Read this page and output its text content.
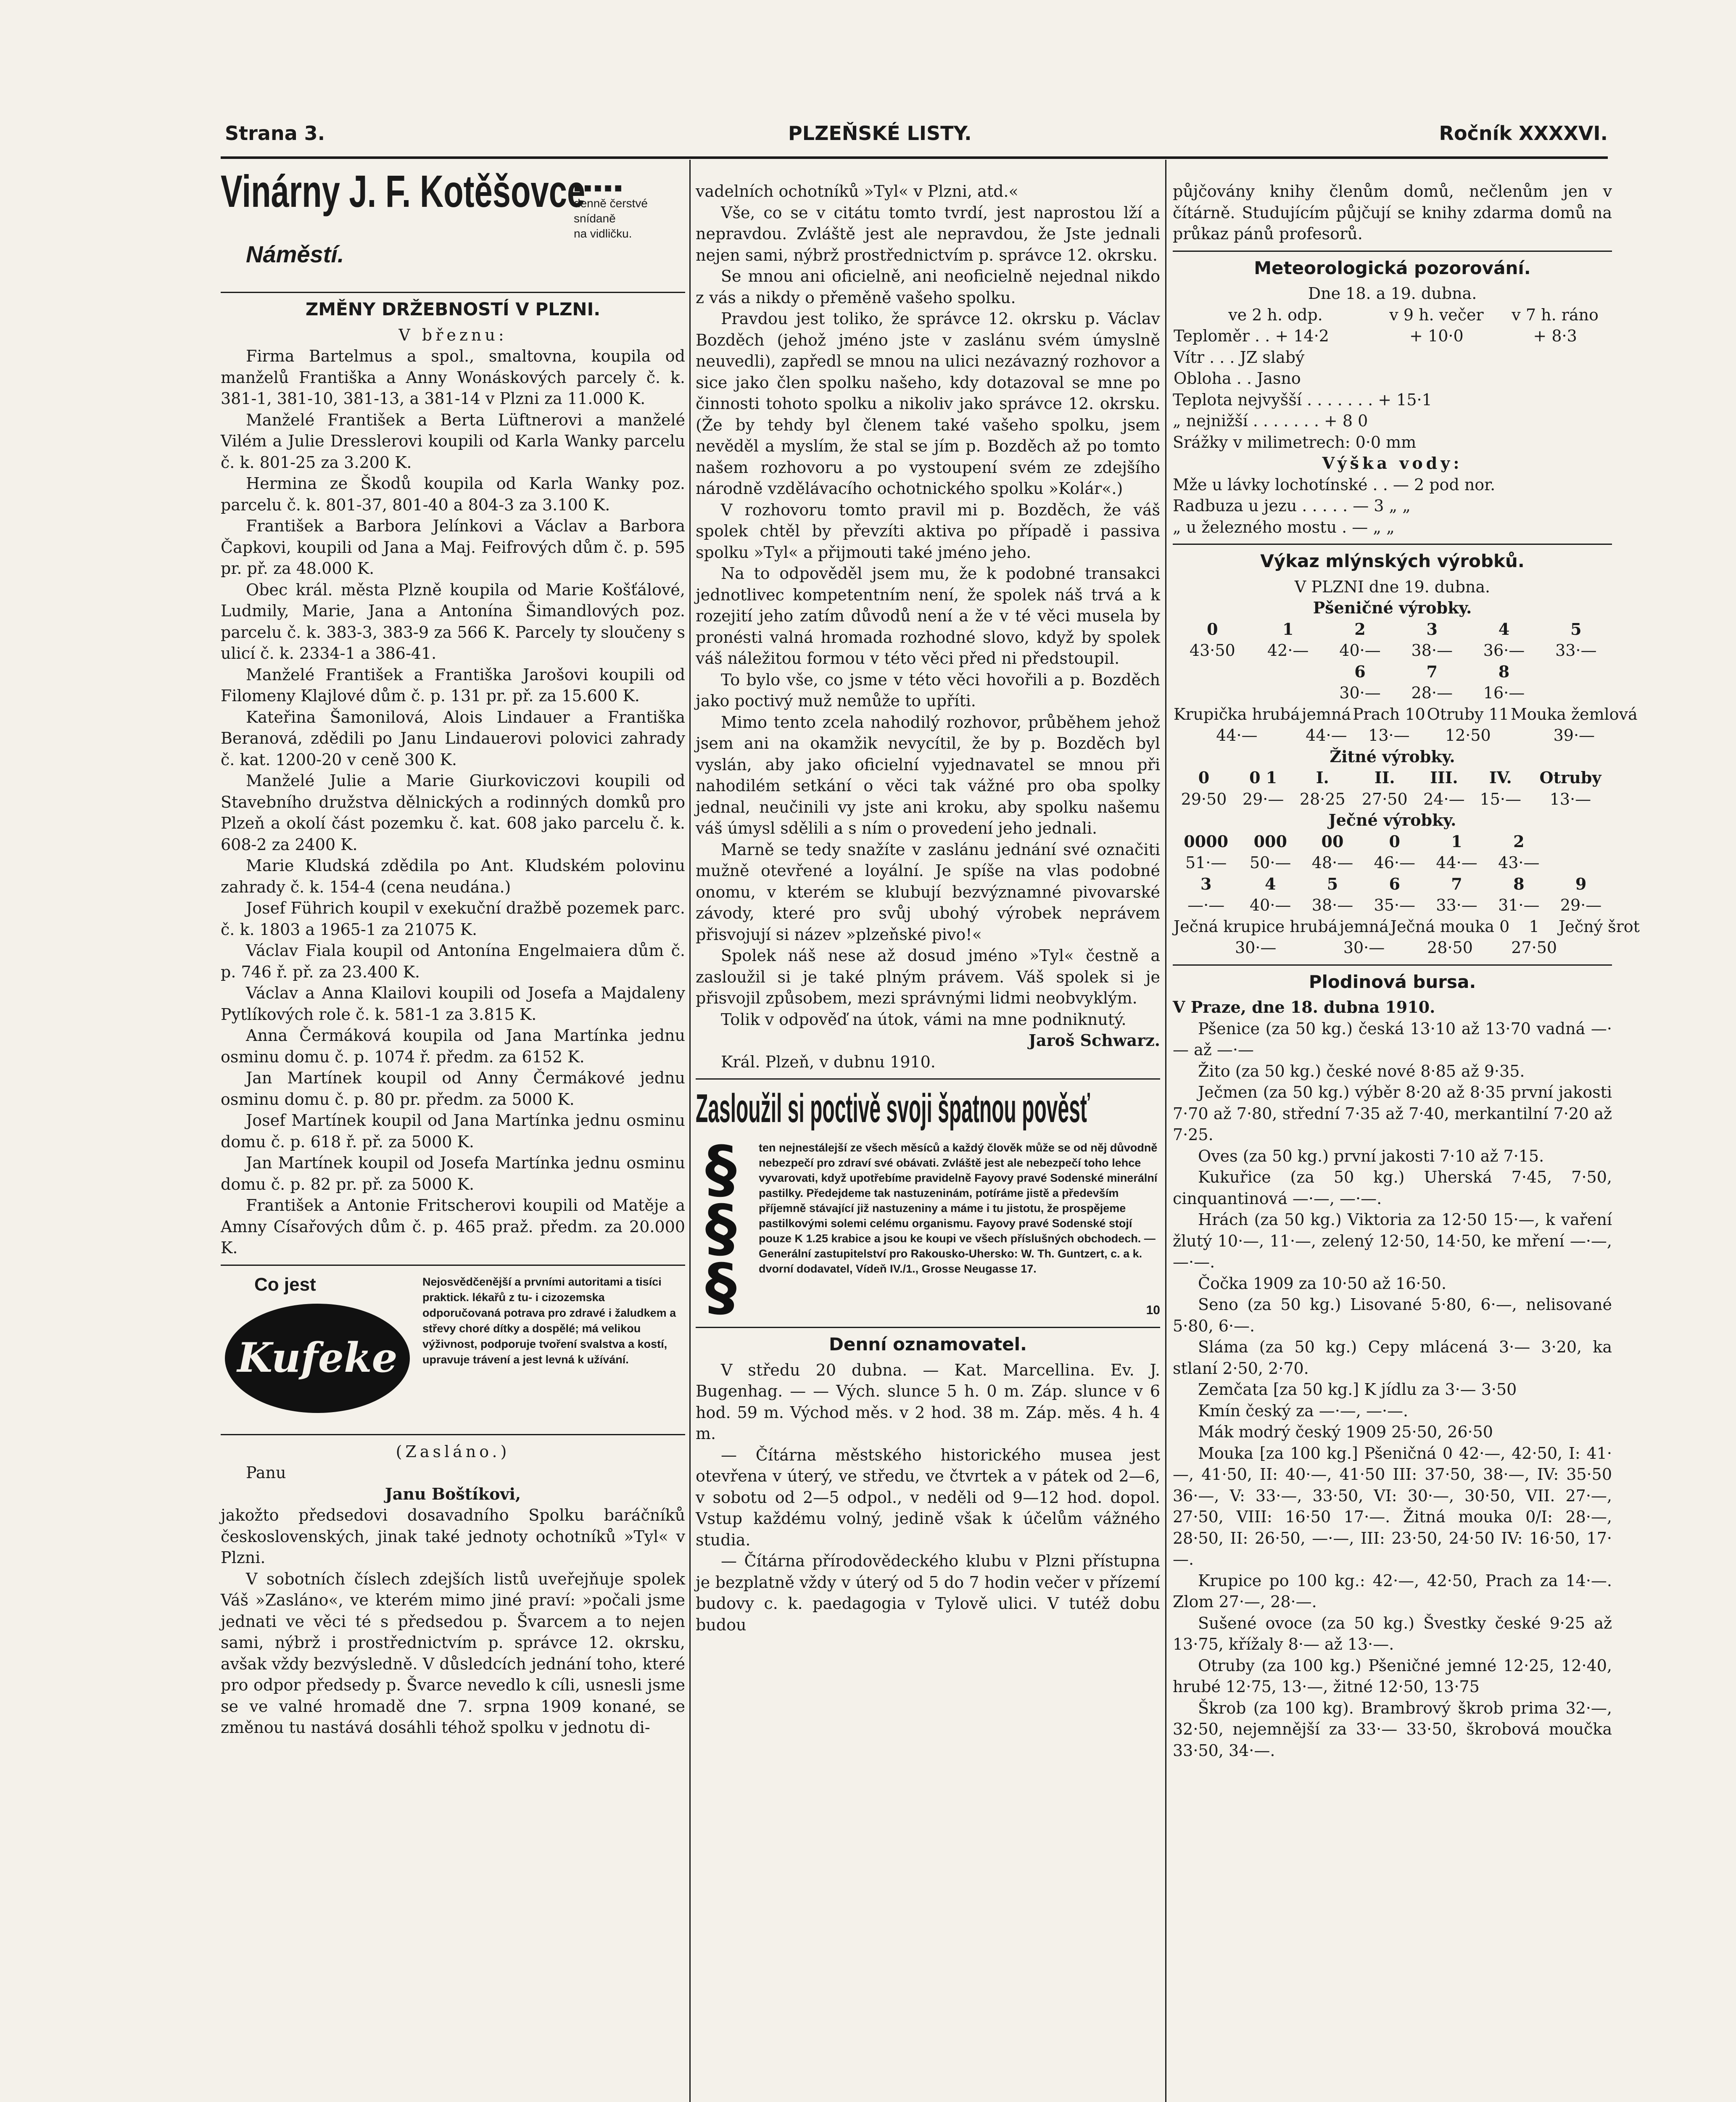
Strana 3.	PLZEŇSKÉ LISTY.	Ročník XXXXVI.
Vinárny J. F. Kotěšovce
Náměstí.
■■■■■
denně čerstvé
snídaně
na vidličku.
ZMĚNY DRŽEBNOSTÍ V PLZNI.
V březnu:

Firma Bartelmus a spol., smaltovna, koupila od manželů Františka a Anny Wonáskových parcely č. k. 381-1, 381-10, 381-13, a 381-14 v Plzni za 11.000 K.

Manželé František a Berta Lüftnerovi a manželé Vilém a Julie Dresslerovi koupili od Karla Wanky parcelu č. k. 801-25 za 3.200 K.

Hermina ze Škodů koupila od Karla Wanky poz. parcelu č. k. 801-37, 801-40 a 804-3 za 3.100 K.

František a Barbora Jelínkovi a Václav a Barbora Čapkovi, koupili od Jana a Maj. Feifrových dům č. p. 595 pr. př. za 48.000 K.

Obec král. města Plzně koupila od Marie Košťálové, Ludmily, Marie, Jana a Antonína Šimandlových poz. parcelu č. k. 383-3, 383-9 za 566 K. Parcely ty sloučeny s ulicí č. k. 2334-1 a 386-41.

Manželé František a Františka Jarošovi koupili od Filomeny Klajlové dům č. p. 131 pr. př. za 15.600 K.

Kateřina Šamonilová, Alois Lindauer a Františka Beranová, zdědili po Janu Lindauerovi polovici zahrady č. kat. 1200-20 v ceně 300 K.

Manželé Julie a Marie Giurkoviczovi koupili od Stavebního družstva dělnických a rodinných domků pro Plzeň a okolí část pozemku č. kat. 608 jako parcelu č. k. 608-2 za 2400 K.

Marie Kludská zdědila po Ant. Kludském polovinu zahrady č. k. 154-4 (cena neudána.)

Josef Führich koupil v exekuční dražbě pozemek parc. č. k. 1803 a 1965-1 za 21075 K.

Václav Fiala koupil od Antonína Engelmaiera dům č. p. 746 ř. př. za 23.400 K.

Václav a Anna Klailovi koupili od Josefa a Majdaleny Pytlíkových role č. k. 581-1 za 3.815 K.

Anna Čermáková koupila od Jana Martínka jednu osminu domu č. p. 1074 ř. předm. za 6152 K.

Jan Martínek koupil od Anny Čermákové jednu osminu domu č. p. 80 pr. předm. za 5000 K.

Josef Martínek koupil od Jana Martínka jednu osminu domu č. p. 618 ř. př. za 5000 K.

Jan Martínek koupil od Josefa Martínka jednu osminu domu č. p. 82 pr. př. za 5000 K.

František a Antonie Fritscherovi koupili od Matěje a Amny Císařových dům č. p. 465 praž. předm. za 20.000 K.

Co jest
Kufeke
Nejosvědčenější a prvními autoritami a tisíci praktick. lékařů z tu- i cizozemska odporučovaná potrava pro zdravé i žaludkem a střevy choré dítky a dospělé; má velikou výživnost, podporuje tvoření svalstva a kostí, upravuje trávení a jest levná k užívání.
(Zasláno.)

Panu

Janu Boštíkovi,

jakožto předsedovi dosavadního Spolku baráčníků československých, jinak také jednoty ochotníků »Tyl« v Plzni.

V sobotních číslech zdejších listů uveřejňuje spolek Váš »Zasláno«, ve kterém mimo jiné praví: »počali jsme jednati ve věci té s předsedou p. Švarcem a to nejen sami, nýbrž i prostřednictvím p. správce 12. okrsku, avšak vždy bezvýsledně. V důsledcích jednání toho, které pro odpor předsedy p. Švarce nevedlo k cíli, usnesli jsme se ve valné hromadě dne 7. srpna 1909 konané, se změnou tu nastává dosáhli téhož spolku v jednotu di-

vadelních ochotníků »Tyl« v Plzni, atd.«

Vše, co se v citátu tomto tvrdí, jest naprostou lží a nepravdou. Zvláště jest ale nepravdou, že Jste jednali nejen sami, nýbrž prostřednictvím p. správce 12. okrsku.

Se mnou ani oficielně, ani neoficielně nejednal nikdo z vás a nikdy o přeměně vašeho spolku.

Pravdou jest toliko, že správce 12. okrsku p. Václav Bozděch (jehož jméno jste v zaslánu svém úmyslně neuvedli), zapředl se mnou na ulici nezávazný rozhovor a sice jako člen spolku našeho, kdy dotazoval se mne po činnosti tohoto spolku a nikoliv jako správce 12. okrsku. (Že by tehdy byl členem také vašeho spolku, jsem nevěděl a myslím, že stal se jím p. Bozděch až po tomto našem rozhovoru a po vystoupení svém ze zdejšího národně vzdělávacího ochotnického spolku »Kolár«.)

V rozhovoru tomto pravil mi p. Bozděch, že váš spolek chtěl by převzíti aktiva po případě i passiva spolku »Tyl« a přijmouti také jméno jeho.

Na to odpověděl jsem mu, že k podobné transakci jednotlivec kompetentním není, že spolek náš trvá a k rozejití jeho zatím důvodů není a že v té věci musela by pronésti valná hromada rozhodné slovo, když by spolek váš náležitou formou v této věci před ni předstoupil.

To bylo vše, co jsme v této věci hovořili a p. Bozděch jako poctivý muž nemůže to upříti.

Mimo tento zcela nahodilý rozhovor, průběhem jehož jsem ani na okamžik nevycítil, že by p. Bozděch byl vyslán, aby jako oficielní vyjednavatel se mnou při nahodilém setkání o věci tak vážné pro oba spolky jednal, neučinili vy jste ani kroku, aby spolku našemu váš úmysl sdělili a s ním o provedení jeho jednali.

Marně se tedy snažíte v zaslánu jednání své označiti mužně otevřené a loyální. Je spíše na vlas podobné onomu, v kterém se klubují bezvýznamné pivovarské závody, které pro svůj ubohý výrobek neprávem přisvojují si název »plzeňské pivo!«

Spolek náš nese až dosud jméno »Tyl« čestně a zasloužil si je také plným právem. Váš spolek si je přisvojil způsobem, mezi správnými lidmi neobvyklým.

Tolik v odpověď na útok, vámi na mne podniknutý.

Jaroš Schwarz.

Král. Plzeň, v dubnu 1910.

Zasloužil si poctivě svoji špatnou pověsť
§
§
§
ten nejnestálejší ze všech měsíců a každý člověk může se od něj důvodně nebezpečí pro zdraví své obávati. Zvláště jest ale nebezpečí toho lehce vyvarovati, když upotřebíme pravidelně Fayovy pravé Sodenské minerální pastilky. Předejdeme tak nastuzeninám, potíráme jistě a především příjemně stávající již nastuzeniny a máme i tu jistotu, že prospějeme pastilkovými solemi celému organismu. Fayovy pravé Sodenské stojí pouze K 1.25 krabice a jsou ke koupi ve všech příslušných obchodech. — Generální zastupitelství pro Rakousko-Uhersko: W. Th. Guntzert, c. a k. dvorní dodavatel, Vídeň IV./1., Grosse Neugasse 17.
10
Denní oznamovatel.

V středu 20 dubna. — Kat. Marcellina. Ev. J. Bugenhag. — — Vých. slunce 5 h. 0 m. Záp. slunce v 6 hod. 59 m. Východ měs. v 2 hod. 38 m. Záp. měs. 4 h. 4 m.

— Čítárna městského historického musea jest otevřena v úterý, ve středu, ve čtvrtek a v pátek od 2—6, v sobotu od 2—5 odpol., v neděli od 9—12 hod. dopol. Vstup každému volný, jedině však k účelům vážného studia.

— Čítárna přírodovědeckého klubu v Plzni přístupna je bezplatně vždy v úterý od 5 do 7 hodin večer v přízemí budovy c. k. paedagogia v Tylově ulici. V tutéž dobu budou

půjčovány knihy členům domů, nečlenům jen v čítárně. Studujícím půjčují se knihy zdarma domů na průkaz pánů profesorů.

Meteorologická pozorování.
Dne 18. a 19. dubna.
	ve 2 h. odp.	v 9 h. večer	v 7 h. ráno
Teploměr . . + 14·2		+ 10·0	+ 8·3
Vítr . . . JZ slabý			
Obloha . . Jasno			
Teplota nejvyšší . . . . . . . + 15·1
„ nejnižší . . . . . . . + 8 0
Srážky v milimetrech: 0·0 mm
Výška vody:
Mže u lávky lochotínské . . — 2 pod nor.
Radbuza u jezu . . . . . — 3 „ „
„ u železného mostu . — „ „
Výkaz mlýnských výrobků.
V PLZNI dne 19. dubna.
Pšeničné výrobky.
0	1	2	3	4	5
43·50	42·—	40·—	38·—	36·—	33·—
		6	7	8	
		30·—	28·—	16·—	
Krupička hrubá	jemná	Prach 10	Otruby 11	Mouka žemlová
44·—	44·—	13·—	12·50	39·—
Žitné výrobky.
0	0 1	I.	II.	III.	IV.	Otruby
29·50	29·—	28·25	27·50	24·—	15·—	13·—
Ječné výrobky.
0000	000	00	0	1	2	
51·—	50·—	48·—	46·—	44·—	43·—	
3	4	5	6	7	8	9
—·—	40·—	38·—	35·—	33·—	31·—	29·—
Ječná krupice hrubá	jemná	Ječná mouka 0	1	Ječný šrot
30·—	30·—	28·50	27·50	
Plodinová bursa.
V Praze, dne 18. dubna 1910.

Pšenice (za 50 kg.) česká 13·10 až 13·70 vadná —·— až —·—

Žito (za 50 kg.) české nové 8·85 až 9·35.

Ječmen (za 50 kg.) výběr 8·20 až 8·35 první jakosti 7·70 až 7·80, střední 7·35 až 7·40, merkantilní 7·20 až 7·25.

Oves (za 50 kg.) první jakosti 7·10 až 7·15.

Kukuřice (za 50 kg.) Uherská 7·45, 7·50, cinquantinová —·—, —·—.

Hrách (za 50 kg.) Viktoria za 12·50 15·—, k vaření žlutý 10·—, 11·—, zelený 12·50, 14·50, ke mření —·—, —·—.

Čočka 1909 za 10·50 až 16·50.

Seno (za 50 kg.) Lisované 5·80, 6·—, nelisované 5·80, 6·—.

Sláma (za 50 kg.) Cepy mlácená 3·— 3·20, ka stlaní 2·50, 2·70.

Zemčata [za 50 kg.] K jídlu za 3·— 3·50

Kmín český za —·—, —·—.

Mák modrý český 1909 25·50, 26·50

Mouka [za 100 kg.] Pšeničná 0 42·—, 42·50, I: 41·—, 41·50, II: 40·—, 41·50 III: 37·50, 38·—, IV: 35·50 36·—, V: 33·—, 33·50, VI: 30·—, 30·50, VII. 27·—, 27·50, VIII: 16·50 17·—. Žitná mouka 0/I: 28·—, 28·50, II: 26·50, —·—, III: 23·50, 24·50 IV: 16·50, 17·—.

Krupice po 100 kg.: 42·—, 42·50, Prach za 14·—. Zlom 27·—, 28·—.

Sušené ovoce (za 50 kg.) Švestky české 9·25 až 13·75, křížaly 8·— až 13·—.

Otruby (za 100 kg.) Pšeničné jemné 12·25, 12·40, hrubé 12·75, 13·—, žitné 12·50, 13·75

Škrob (za 100 kg). Brambrový škrob prima 32·—, 32·50, nejemnější za 33·— 33·50, škrobová moučka 33·50, 34·—.
